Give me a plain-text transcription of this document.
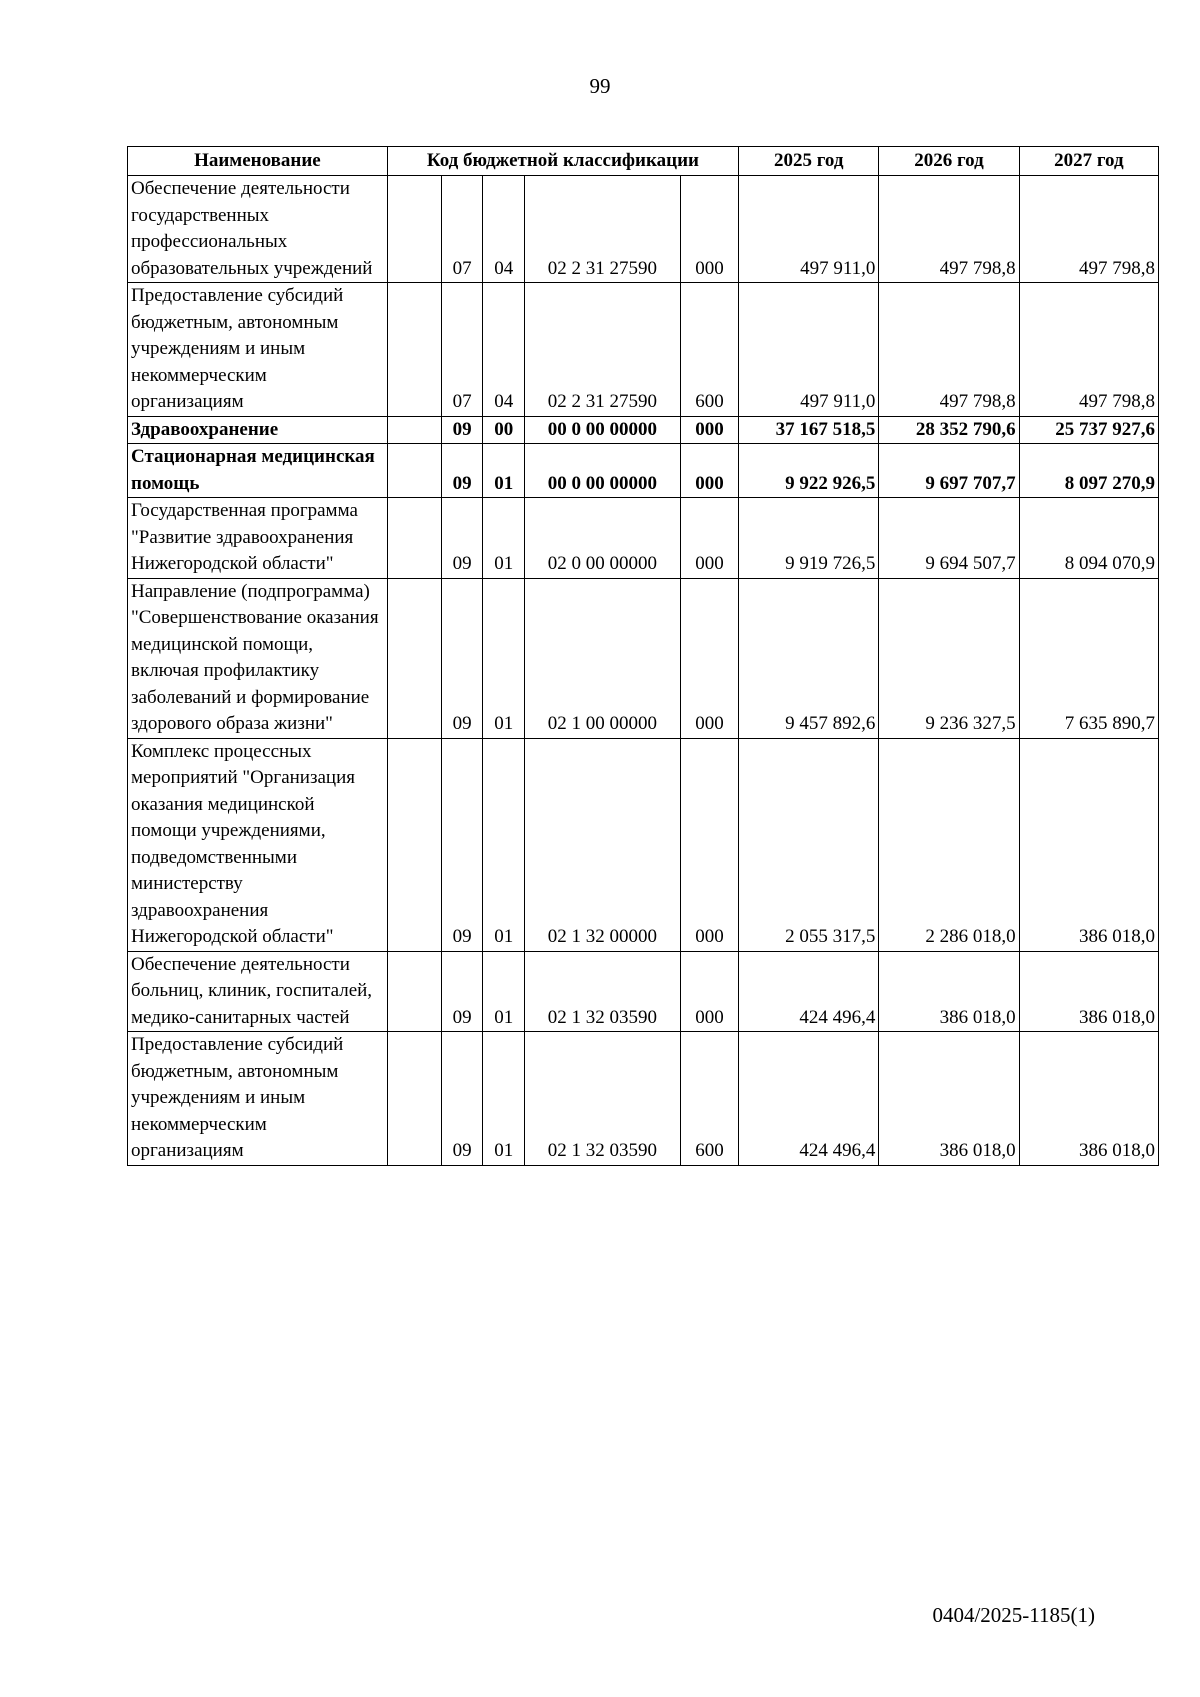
99
Наименование	Код бюджетной классификации					2025 год	2026 год	2027 год
Обеспечение деятельности государственных профессиональных образовательных учреждений		07	04	02 2 31 27590	000	497 911,0	497 798,8	497 798,8
Предоставление субсидий бюджетным, автономным учреждениям и иным некоммерческим организациям		07	04	02 2 31 27590	600	497 911,0	497 798,8	497 798,8
Здравоохранение		09	00	00 0 00 00000	000	37 167 518,5	28 352 790,6	25 737 927,6
Стационарная медицинская помощь		09	01	00 0 00 00000	000	9 922 926,5	9 697 707,7	8 097 270,9
Государственная программа "Развитие здравоохранения Нижегородской области"		09	01	02 0 00 00000	000	9 919 726,5	9 694 507,7	8 094 070,9
Направление (подпрограмма) "Совершенствование оказания медицинской помощи, включая профилактику заболеваний и формирование здорового образа жизни"		09	01	02 1 00 00000	000	9 457 892,6	9 236 327,5	7 635 890,7
Комплекс процессных мероприятий "Организация оказания медицинской помощи учреждениями, подведомственными министерству здравоохранения Нижегородской области"		09	01	02 1 32 00000	000	2 055 317,5	2 286 018,0	386 018,0
Обеспечение деятельности больниц, клиник, госпиталей, медико-санитарных частей		09	01	02 1 32 03590	000	424 496,4	386 018,0	386 018,0
Предоставление субсидий бюджетным, автономным учреждениям и иным некоммерческим организациям		09	01	02 1 32 03590	600	424 496,4	386 018,0	386 018,0
0404/2025-1185(1)
